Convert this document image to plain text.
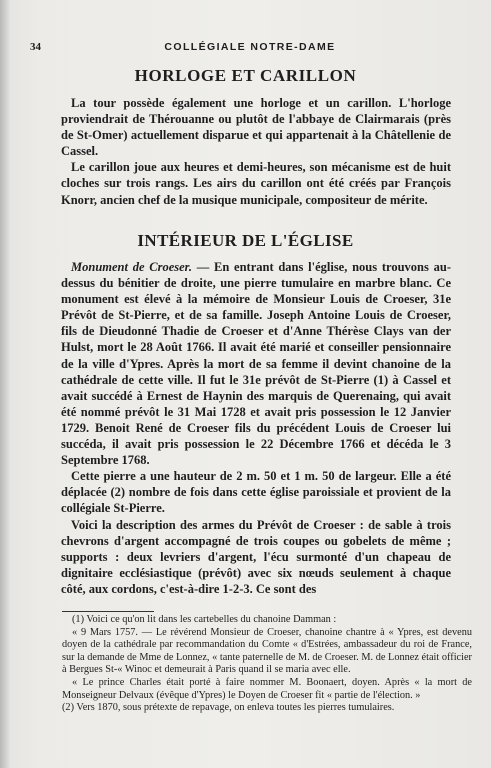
34	COLLÉGIALE NOTRE-DAME
HORLOGE ET CARILLON

La tour possède également une horloge et un carillon. L'horloge proviendrait de Thérouanne ou plutôt de l'abbaye de Clairmarais (près de St-Omer) actuellement disparue et qui appartenait à la Châtellenie de Cassel.

Le carillon joue aux heures et demi-heures, son mécanisme est de huit cloches sur trois rangs. Les airs du carillon ont été créés par François Knorr, ancien chef de la musique municipale, compositeur de mérite.

INTÉRIEUR DE L'ÉGLISE

Monument de Croeser. — En entrant dans l'église, nous trouvons au-dessus du bénitier de droite, une pierre tumulaire en marbre blanc. Ce monument est élevé à la mémoire de Monsieur Louis de Croeser, 31e Prévôt de St-Pierre, et de sa famille. Joseph Antoine Louis de Croeser, fils de Dieudonné Thadie de Croeser et d'Anne Thérèse Clays van der Hulst, mort le 28 Août 1766. Il avait été marié et conseiller pensionnaire de la ville d'Ypres. Après la mort de sa femme il devint chanoine de la cathédrale de cette ville. Il fut le 31e prévôt de St-Pierre (1) à Cassel et avait succédé à Ernest de Haynin des marquis de Querenaing, qui avait été nommé prévôt le 31 Mai 1728 et avait pris possession le 12 Janvier 1729. Benoit René de Croeser fils du précédent Louis de Croeser lui succéda, il avait pris possession le 22 Décembre 1766 et décéda le 3 Septembre 1768.

Cette pierre a une hauteur de 2 m. 50 et 1 m. 50 de largeur. Elle a été déplacée (2) nombre de fois dans cette église paroissiale et provient de la collégiale St-Pierre.

Voici la description des armes du Prévôt de Croeser : de sable à trois chevrons d'argent accompagné de trois coupes ou gobelets de même ; supports : deux levriers d'argent, l'écu surmonté d'un chapeau de dignitaire ecclésiastique (prévôt) avec six nœuds seulement à chaque côté, aux cordons, c'est-à-dire 1-2-3. Ce sont des

(1) Voici ce qu'on lit dans les cartebelles du chanoine Damman :

« 9 Mars 1757. — Le révérend Monsieur de Croeser, chanoine chantre à « Ypres, est devenu doyen de la cathédrale par recommandation du Comte « d'Estrées, ambassadeur du roi de France, sur la demande de Mme de Lonnez, « tante paternelle de M. de Croeser. M. de Lonnez était officier à Bergues St-« Winoc et demeurait à Paris quand il se maria avec elle.

« Le prince Charles était porté à faire nommer M. Boonaert, doyen. Après « la mort de Monseigneur Delvaux (évêque d'Ypres) le Doyen de Croeser fit « partie de l'élection. »

(2) Vers 1870, sous prétexte de repavage, on enleva toutes les pierres tumulaires.
